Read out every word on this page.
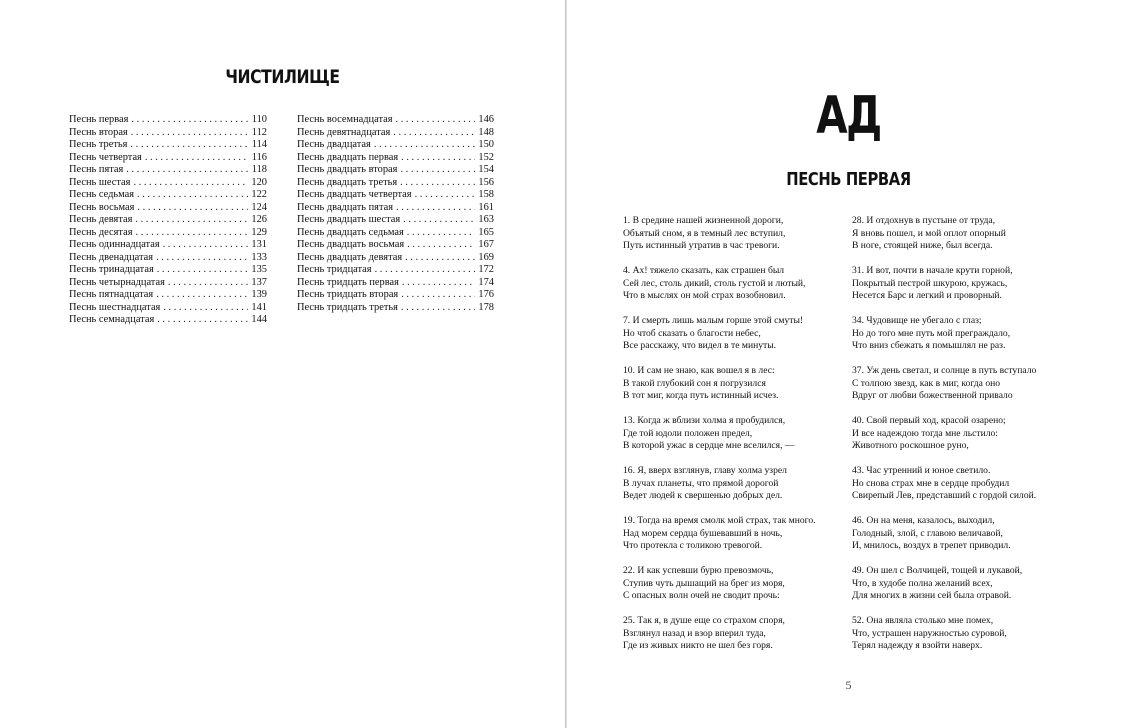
ЧИСТИЛИЩЕ
Песнь первая . . .	110
Песнь вторая . . .	112
Песнь третья . . .	114
Песнь четвертая . . .	116
Песнь пятая . . .	118
Песнь шестая . . .	120
Песнь седьмая . . .	122
Песнь восьмая . . .	124
Песнь девятая . . .	126
Песнь десятая . . .	129
Песнь одиннадцатая . . .	131
Песнь двенадцатая . . .	133
Песнь тринадцатая . . .	135
Песнь четырнадцатая . . .	137
Песнь пятнадцатая . . .	139
Песнь шестнадцатая . . .	141
Песнь семнадцатая . . .	144
Песнь восемнадцатая . . .	146
Песнь девятнадцатая . . .	148
Песнь двадцатая . . .	150
Песнь двадцать первая . . .	152
Песнь двадцать вторая . . .	154
Песнь двадцать третья . . .	156
Песнь двадцать четвертая . . .	158
Песнь двадцать пятая . . .	161
Песнь двадцать шестая . . .	163
Песнь двадцать седьмая . . .	165
Песнь двадцать восьмая . . .	167
Песнь двадцать девятая . . .	169
Песнь тридцатая . . .	172
Песнь тридцать первая . . .	174
Песнь тридцать вторая . . .	176
Песнь тридцать третья . . .	178
АД
ПЕСНЬ ПЕРВАЯ
1. В средине нашей жизненной дороги,
Объятый сном, я в темный лес вступил,
Путь истинный утратив в час тревоги.
4. Ах! тяжело сказать, как страшен был
Сей лес, столь дикий, столь густой и лютый,
Что в мыслях он мой страх возобновил.
7. И смерть лишь малым горше этой смуты!
Но чтоб сказать о благости небес,
Все расскажу, что видел в те минуты.
10. И сам не знаю, как вошел я в лес:
В такой глубокий сон я погрузился
В тот миг, когда путь истинный исчез.
13. Когда ж вблизи холма я пробудился,
Где той юдоли положен предел,
В которой ужас в сердце мне вселился, —
16. Я, вверх взглянув, главу холма узрел
В лучах планеты, что прямой дорогой
Ведет людей к свершенью добрых дел.
19. Тогда на время смолк мой страх, так много.
Над морем сердца бушевавший в ночь,
Что протекла с толикою тревогой.
22. И как успевши бурю превозмочь,
Ступив чуть дышащий на брег из моря,
С опасных волн очей не сводит прочь:
25. Так я, в душе еще со страхом споря,
Взглянул назад и взор вперил туда,
Где из живых никто не шел без горя.
28. И отдохнув в пустыне от труда,
Я вновь пошел, и мой оплот опорный
В ноге, стоящей ниже, был всегда.
31. И вот, почти в начале крути горной,
Покрытый пестрой шкурою, кружась,
Несется Барс и легкий и проворный.
34. Чудовище не убегало с глаз;
Но до того мне путь мой преграждало,
Что вниз сбежать я помышлял не раз.
37. Уж день светал, и солнце в путь вступало
С толпою звезд, как в миг, когда оно
Вдруг от любви божественной привало
40. Свой первый ход, красой озарено;
И все надеждою тогда мне льстило:
Животного роскошное руно,
43. Час утренний и юное светило.
Но снова страх мне в сердце пробудил
Свирепый Лев, представший с гордой силой.
46. Он на меня, казалось, выходил,
Голодный, злой, с главою величавой,
И, мнилось, воздух в трепет приводил.
49. Он шел с Волчицей, тощей и лукавой,
Что, в худобе полна желаний всех,
Для многих в жизни сей была отравой.
52. Она являла столько мне помех,
Что, устрашен наружностью суровой,
Терял надежду я взойти наверх.
5
